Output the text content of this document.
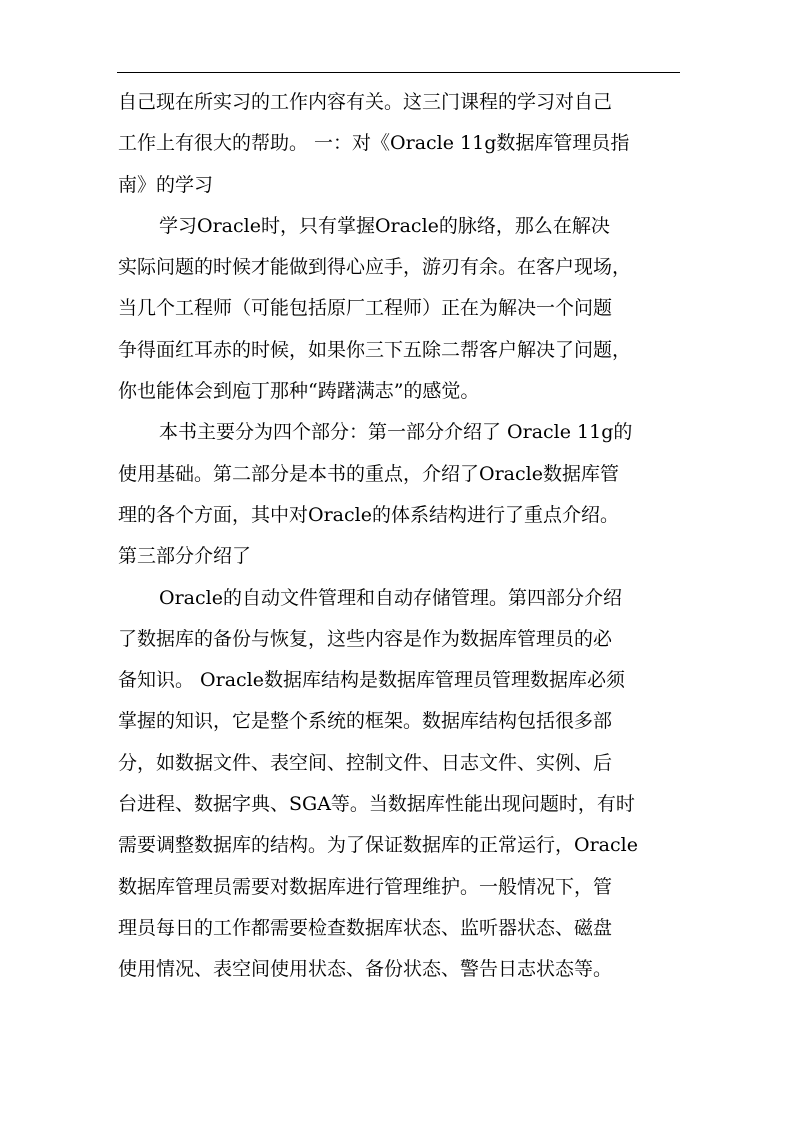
自己现在所实习的工作内容有关。这三门课程的学习对自己
工作上有很大的帮助。 一：对《Oracle 11g数据库管理员指
南》的学习
学习Oracle时，只有掌握Oracle的脉络，那么在解决
实际问题的时候才能做到得心应手，游刃有余。在客户现场，
当几个工程师（可能包括原厂工程师）正在为解决一个问题
争得面红耳赤的时候，如果你三下五除二帮客户解决了问题，
你也能体会到庖丁那种“踌躇满志”的感觉。
本书主要分为四个部分：第一部分介绍了 Oracle 11g的
使用基础。第二部分是本书的重点，介绍了Oracle数据库管
理的各个方面，其中对Oracle的体系结构进行了重点介绍。
第三部分介绍了
Oracle的自动文件管理和自动存储管理。第四部分介绍
了数据库的备份与恢复，这些内容是作为数据库管理员的必
备知识。 Oracle数据库结构是数据库管理员管理数据库必须
掌握的知识，它是整个系统的框架。数据库结构包括很多部
分，如数据文件、表空间、控制文件、日志文件、实例、后
台进程、数据字典、SGA等。当数据库性能出现问题时，有时
需要调整数据库的结构。为了保证数据库的正常运行，Oracle
数据库管理员需要对数据库进行管理维护。一般情况下，管
理员每日的工作都需要检查数据库状态、监听器状态、磁盘
使用情况、表空间使用状态、备份状态、警告日志状态等。
